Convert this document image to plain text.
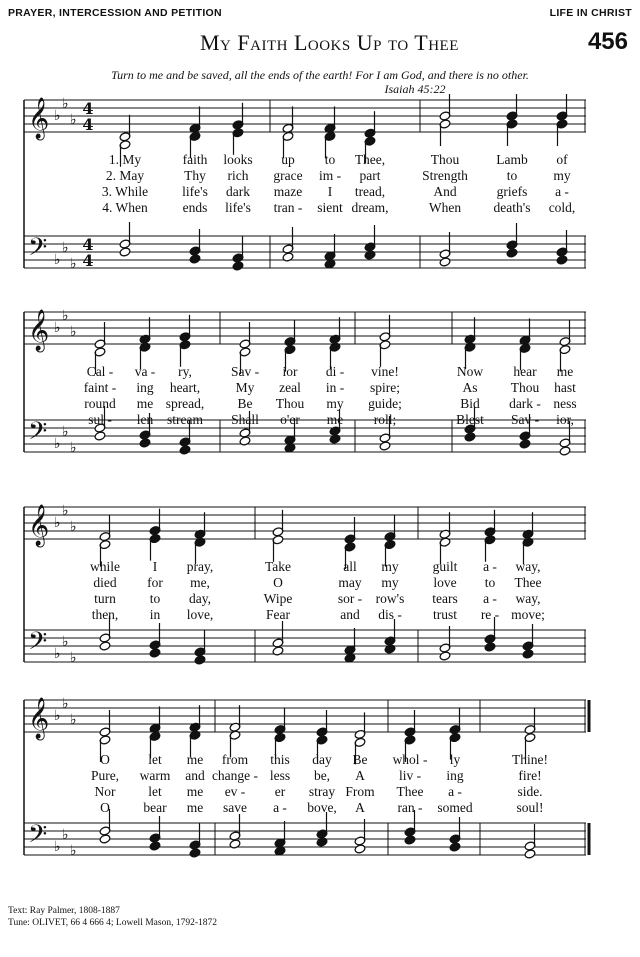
PRAYER, INTERCESSION AND PETITION	LIFE IN CHRIST
My Faith Looks Up to Thee	456
Turn to me and be saved, all the ends of the earth! For I am God, and there is no other.
Isaiah 45:22
𝄞
𝄢
♭
♭
♭
♭
♭
♭
4
4
4
4
1. My	faith looks up to Thee,	Thou	Lamb of
2. May	Thy rich grace im - part	Strength	to	my
3. While	life's dark maze I tread,	And	griefs a -
4. When	ends life's tran - sient dream,	When death's cold,
𝄞
𝄢
♭
♭
♭
♭
♭
♭
Cal - va - ry,	Sav - ior di - vine!	Now hear me
faint - ing heart,	My zeal in - spire;	As Thou hast
round me spread, Be Thou my guide;	Bid dark - ness
sul - len stream Shall o'er me roll;	Blest Sav - ior,
𝄞
𝄢
♭
♭
♭
♭
♭
♭
while I pray,	Take	all my	guilt a - way,
died for me,	O	may my	love to Thee
turn	to day,	Wipe	sor - row's tears a - way,
then, in love,	Fear	and dis - trust re - move;
𝄞
𝄢
♭
♭
♭
♭
♭
♭
O	let me from this day Be whol - ly	Thine!
Pure, warm and change - less be, A	liv - ing	fire!
Nor let me ev - er stray From Thee a -	side.
O bear me save a - bove, A ran - somed	soul!
Text: Ray Palmer, 1808-1887
Tune: OLIVET, 66 4 666 4; Lowell Mason, 1792-1872
